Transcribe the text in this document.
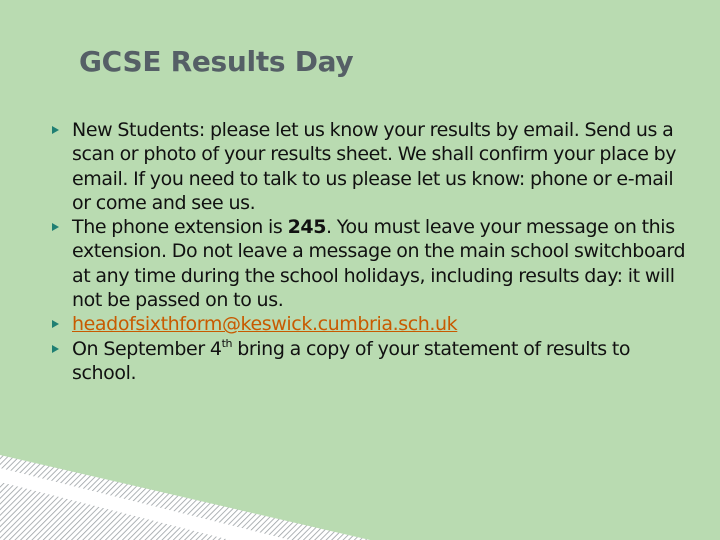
GCSE Results Day
New Students: please let us know your results by email. Send us a scan or photo of your results sheet. We shall confirm your place by email. If you need to talk to us please let us know: phone or e-mail or come and see us.
The phone extension is 245. You must leave your message on this extension. Do not leave a message on the main school switchboard at any time during the school holidays, including results day: it will not be passed on to us.
headofsixthform@keswick.cumbria.sch.uk
On September 4th bring a copy of your statement of results to school.
